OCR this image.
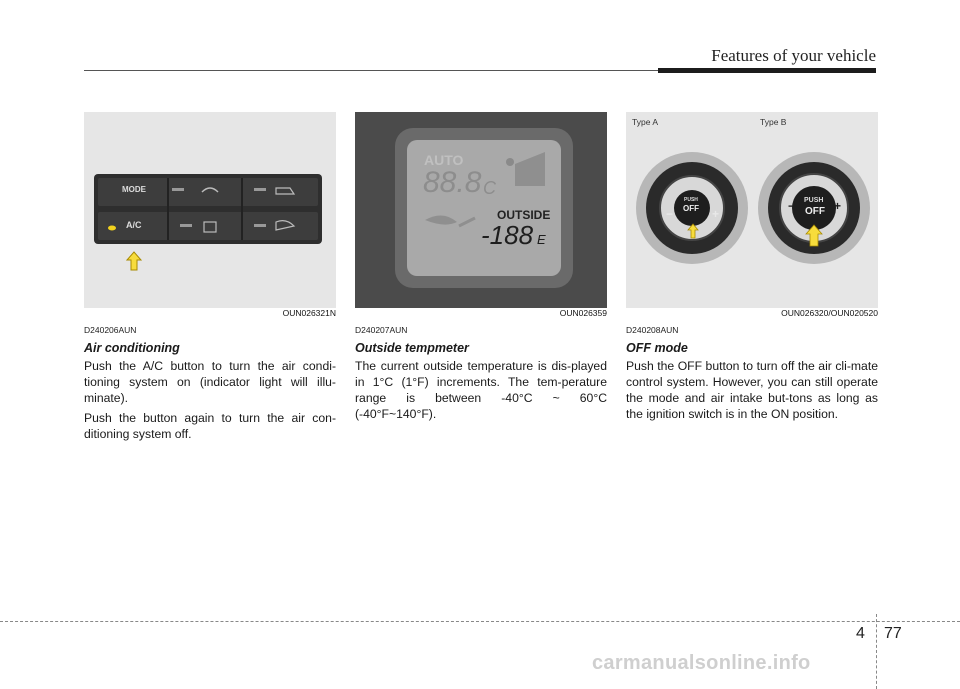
Features of your vehicle
MODE
A/C
OUN026321N
D240206AUN
Air conditioning

Push the A/C button to turn the air condi-tioning system on (indicator light will illu-minate).

Push the button again to turn the air con-ditioning system off.

AUTO
88.8 C
OUTSIDE
-188 E
OUN026359
D240207AUN
Outside tempmeter

The current outside temperature is dis-played in 1°C (1°F) increments. The tem-perature range is between -40°C ~ 60°C (-40°F~140°F).

Type A	Type B
−	+
−	+
PUSH
OFF
PUSH
OFF
OUN026320/OUN020520
D240208AUN
OFF mode

Push the OFF button to turn off the air cli-mate control system. However, you can still operate the mode and air intake but-tons as long as the ignition switch is in the ON position.

4 77
carmanualsonline.info
